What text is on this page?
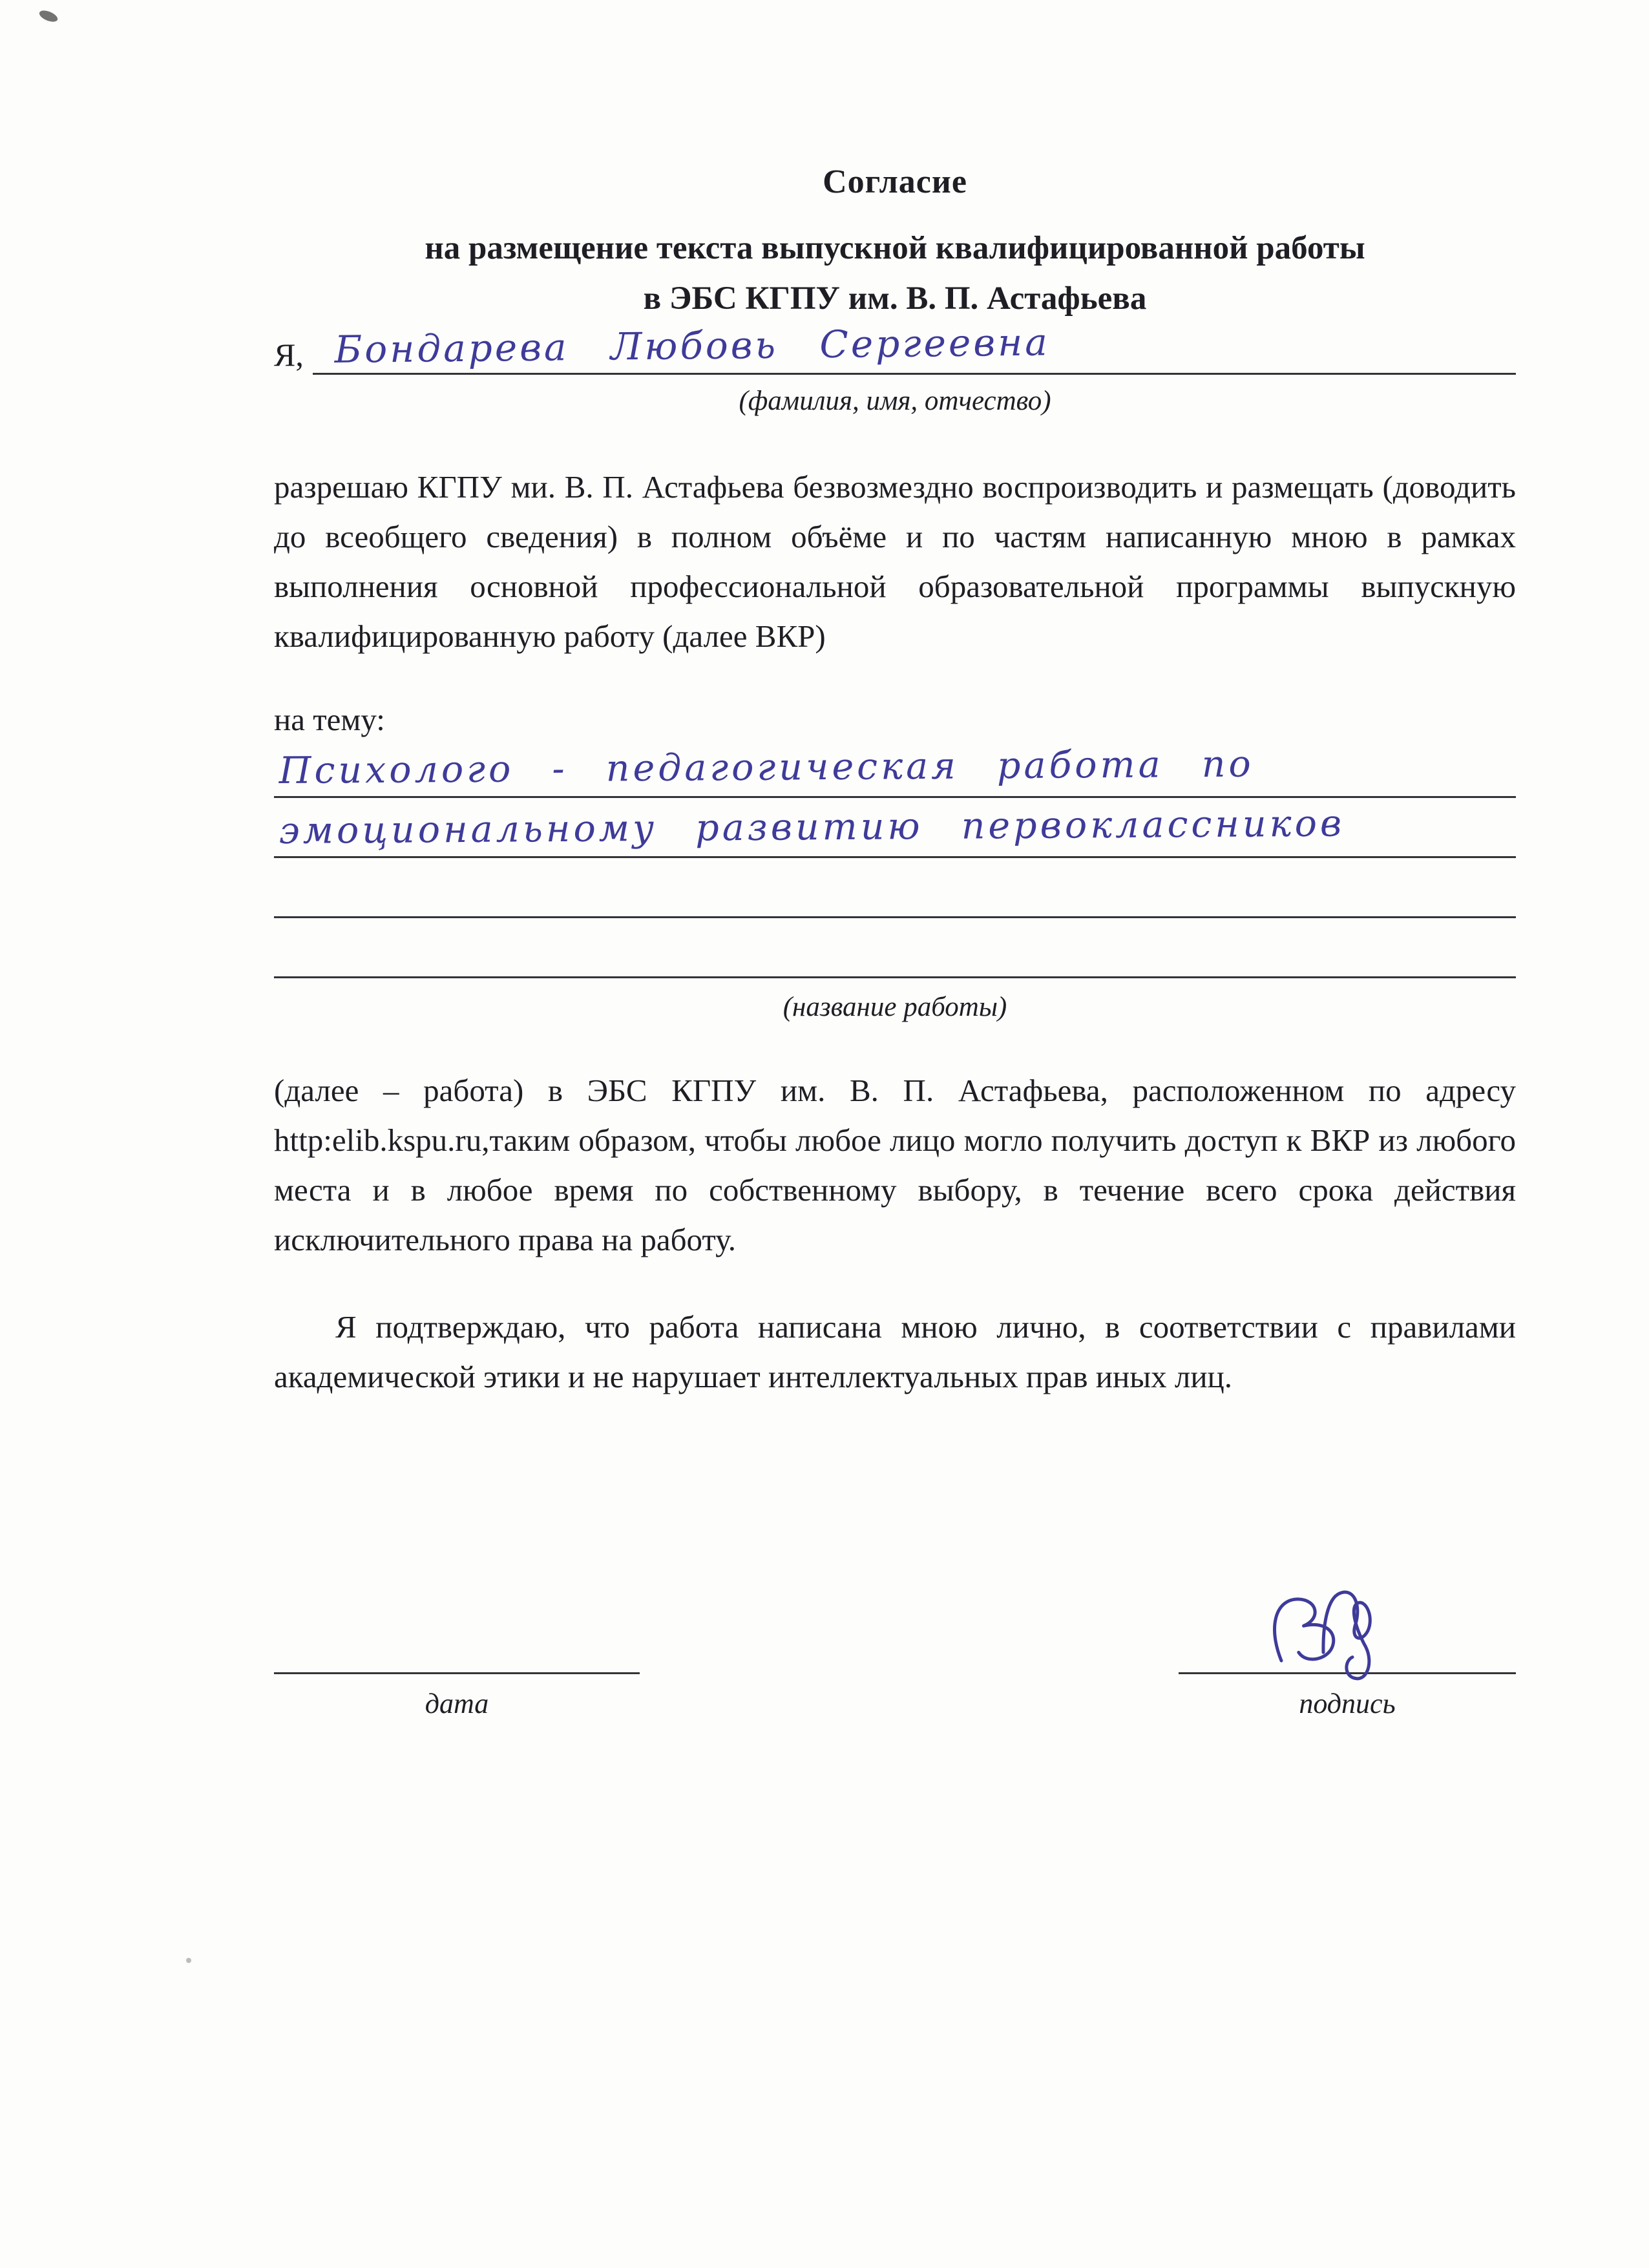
Согласие
на размещение текста выпускной квалифицированной работы
в ЭБС КГПУ им. В. П. Астафьева
Я, Бондарева Любовь Сергеевна
(фамилия, имя, отчество)

разрешаю КГПУ ми. В. П. Астафьева безвозмездно воспроизводить и размещать (доводить до всеобщего сведения) в полном объёме и по частям написанную мною в рамках выполнения основной профессиональной образовательной программы выпускную квалифицированную работу (далее ВКР)

на тему:
Психолого - педагогическая работа по
эмоциональному развитию первоклассников
(название работы)

(далее – работа) в ЭБС КГПУ им. В. П. Астафьева, расположенном по адресу http:elib.kspu.ru,таким образом, чтобы любое лицо могло получить доступ к ВКР из любого места и в любое время по собственному выбору, в течение всего срока действия исключительного права на работу.

Я подтверждаю, что работа написана мною лично, в соответствии с правилами академической этики и не нарушает интеллектуальных прав иных лиц.

дата	подпись
